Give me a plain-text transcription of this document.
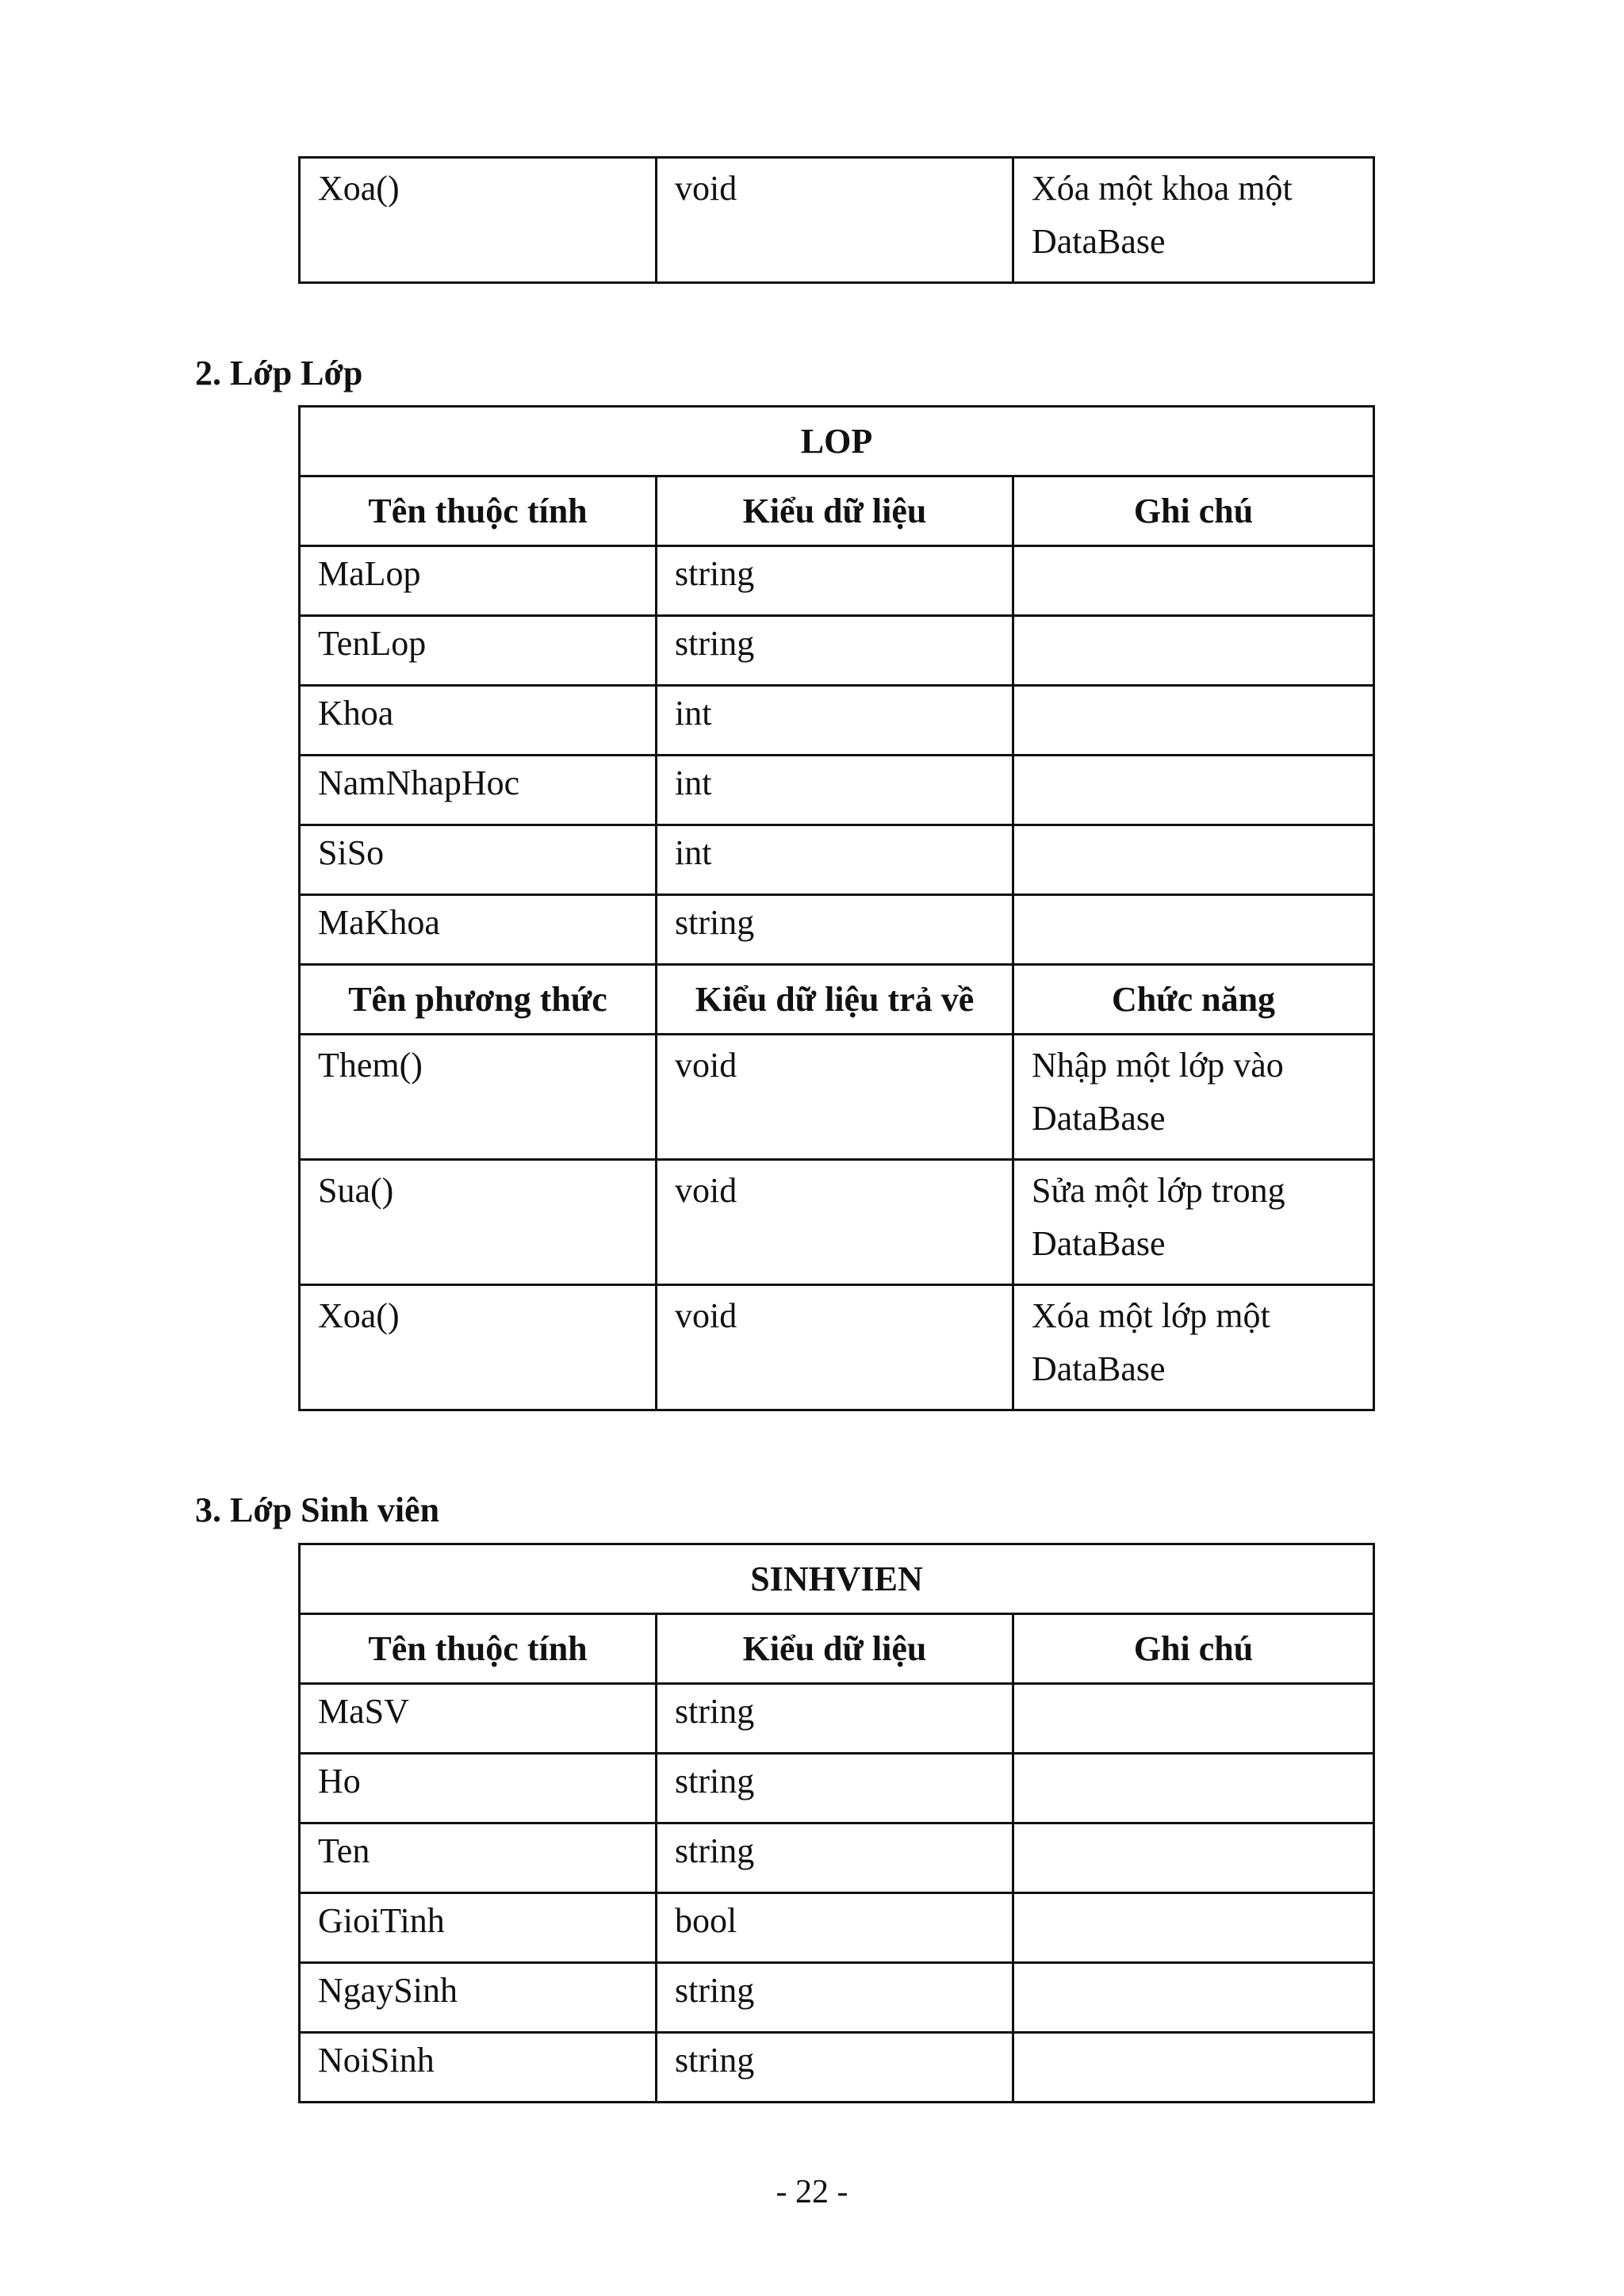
Xoa()	void	Xóa một khoa một DataBase
2. Lớp Lớp
LOP		
Tên thuộc tính	Kiểu dữ liệu	Ghi chú
MaLop	string	
TenLop	string	
Khoa	int	
NamNhapHoc	int	
SiSo	int	
MaKhoa	string	
Tên phương thức	Kiểu dữ liệu trả về	Chức năng
Them()	void	Nhập một lớp vào DataBase
Sua()	void	Sửa một lớp trong DataBase
Xoa()	void	Xóa một lớp một DataBase
3. Lớp Sinh viên
SINHVIEN		
Tên thuộc tính	Kiểu dữ liệu	Ghi chú
MaSV	string	
Ho	string	
Ten	string	
GioiTinh	bool	
NgaySinh	string	
NoiSinh	string	
- 22 -
